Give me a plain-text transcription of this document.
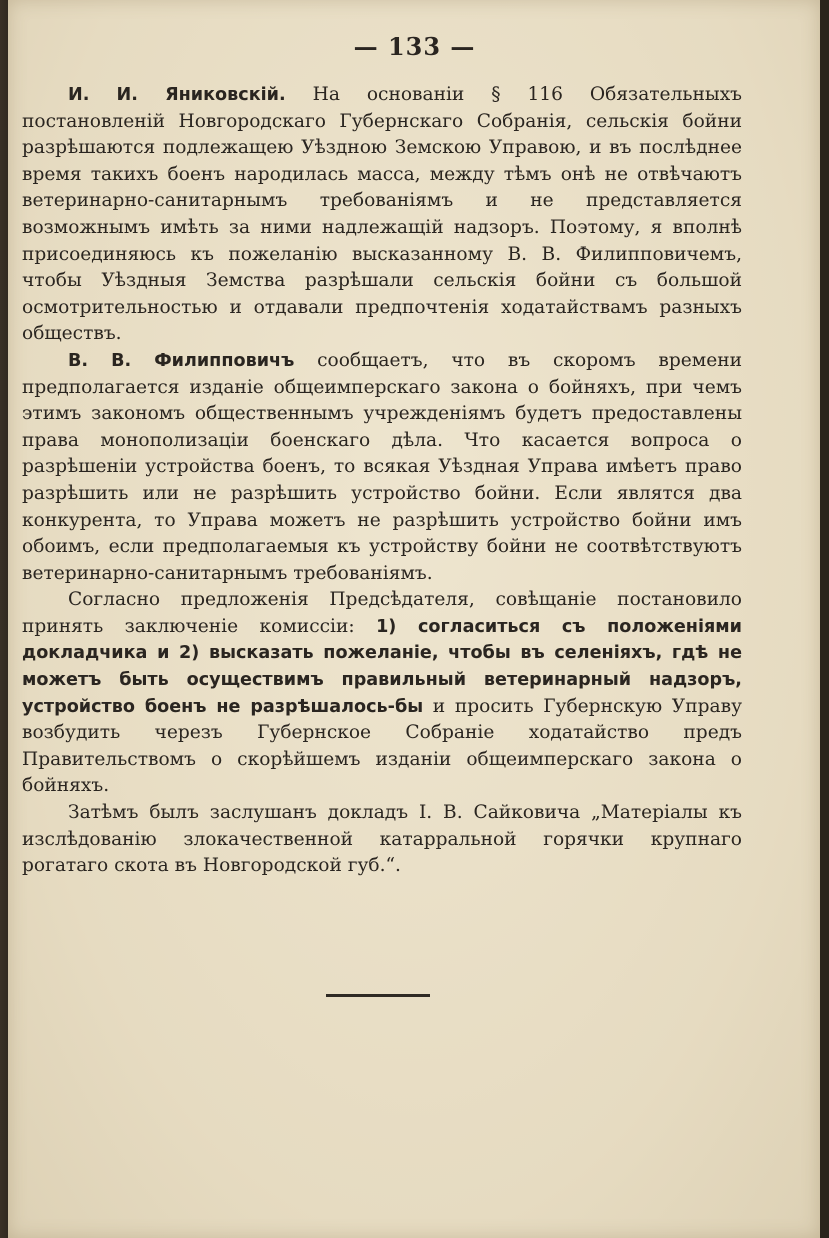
— 133 —

И. И. Яниковскій. На основаніи § 116 Обязательныхъ постановленій Новгородскаго Губернскаго Собранія, сельскія бойни разрѣшаются подлежащею Уѣздною Земскою Управою, и въ послѣднее время такихъ боенъ народилась масса, между тѣмъ онѣ не отвѣчаютъ ветеринарно-санитарнымъ требованіямъ и не представляется возможнымъ имѣть за ними надлежащій надзоръ. Поэтому, я вполнѣ присоединяюсь къ пожеланію высказанному В. В. Филипповичемъ, чтобы Уѣздныя Земства разрѣшали сельскія бойни съ большой осмотрительностью и отдавали предпочтенія ходатайствамъ разныхъ обществъ.

В. В. Филипповичъ сообщаетъ, что въ скоромъ времени предполагается изданіе общеимперскаго закона о бойняхъ, при чемъ этимъ закономъ общественнымъ учрежденіямъ будетъ предоставлены права монополизаціи боенскаго дѣла. Что касается вопроса о разрѣшеніи устройства боенъ, то всякая Уѣздная Управа имѣетъ право разрѣшить или не разрѣшить устройство бойни. Если являтся два конкурента, то Управа можетъ не разрѣшить устройство бойни имъ обоимъ, если предполагаемыя къ устройству бойни не соотвѣтствуютъ ветеринарно-санитарнымъ требованіямъ.

Согласно предложенія Предсѣдателя, совѣщаніе постановило принять заключеніе комиссіи: 1) согласиться съ положеніями докладчика и 2) высказать пожеланіе, чтобы въ селеніяхъ, гдѣ не можетъ быть осуществимъ правильный ветеринарный надзоръ, устройство боенъ не разрѣшалось-бы и просить Губернскую Управу возбудить черезъ Губернское Собраніе ходатайство предъ Правительствомъ о скорѣйшемъ изданіи общеимперскаго закона о бойняхъ.

Затѣмъ былъ заслушанъ докладъ І. В. Сайковича „Матеріалы къ изслѣдованію злокачественной катарральной горячки крупнаго рогатаго скота въ Новгородской губ.“.
